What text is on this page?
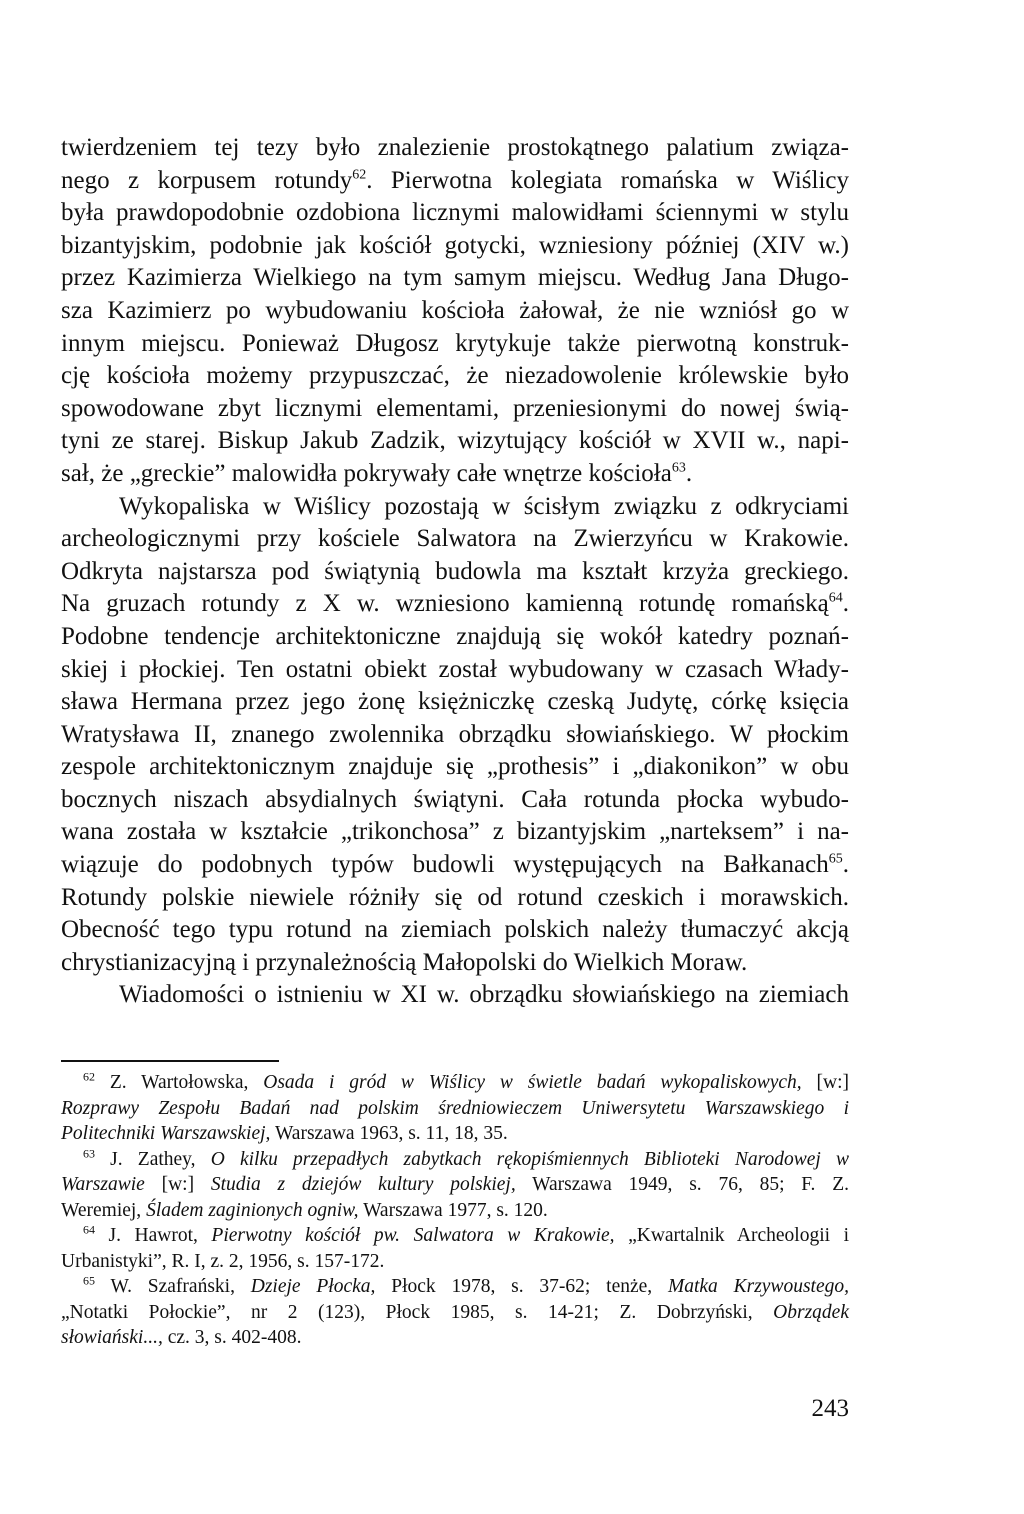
twierdzeniem tej tezy było znalezienie prostokątnego palatium związa-
nego z korpusem rotundy$^{62}$. Pierwotna kolegiata romańska w Wiślicy
była prawdopodobnie ozdobiona licznymi malowidłami ściennymi w stylu
bizantyjskim, podobnie jak kościół gotycki, wzniesiony później (XIV w.)
przez Kazimierza Wielkiego na tym samym miejscu. Według Jana Długo-
sza Kazimierz po wybudowaniu kościoła żałował, że nie wzniósł go w
innym miejscu. Ponieważ Długosz krytykuje także pierwotną konstruk-
cję kościoła możemy przypuszczać, że niezadowolenie królewskie było
spowodowane zbyt licznymi elementami, przeniesionymi do nowej świą-
tyni ze starej. Biskup Jakub Zadzik, wizytujący kościół w XVII w., napi-
sał, że „greckie” malowidła pokrywały całe wnętrze kościoła$^{63}$.
Wykopaliska w Wiślicy pozostają w ścisłym związku z odkryciami
archeologicznymi przy kościele Salwatora na Zwierzyńcu w Krakowie.
Odkryta najstarsza pod świątynią budowla ma kształt krzyża greckiego.
Na gruzach rotundy z X w. wzniesiono kamienną rotundę romańską$^{64}$.
Podobne tendencje architektoniczne znajdują się wokół katedry poznań-
skiej i płockiej. Ten ostatni obiekt został wybudowany w czasach Włady-
sława Hermana przez jego żonę księżniczkę czeską Judytę, córkę księcia
Wratysława II, znanego zwolennika obrządku słowiańskiego. W płockim
zespole architektonicznym znajduje się „prothesis” i „diakonikon” w obu
bocznych niszach absydialnych świątyni. Cała rotunda płocka wybudo-
wana została w kształcie „trikonchosa” z bizantyjskim „narteksem” i na-
wiązuje do podobnych typów budowli występujących na Bałkanach$^{65}$.
Rotundy polskie niewiele różniły się od rotund czeskich i morawskich.
Obecność tego typu rotund na ziemiach polskich należy tłumaczyć akcją
chrystianizacyjną i przynależnością Małopolski do Wielkich Moraw.
Wiadomości o istnieniu w XI w. obrządku słowiańskiego na ziemiach
$^{62}$ Z. Wartołowska, Osada i gród w Wiślicy w świetle badań wykopaliskowych, [w:]
Rozprawy Zespołu Badań nad polskim średniowieczem Uniwersytetu Warszawskiego i
Politechniki Warszawskiej, Warszawa 1963, s. 11, 18, 35.
$^{63}$ J. Zathey, O kilku przepadłych zabytkach rękopiśmiennych Biblioteki Narodowej w
Warszawie [w:] Studia z dziejów kultury polskiej, Warszawa 1949, s. 76, 85; F. Z.
Weremiej, Śladem zaginionych ogniw, Warszawa 1977, s. 120.
$^{64}$ J. Hawrot, Pierwotny kościół pw. Salwatora w Krakowie, „Kwartalnik Archeologii i
Urbanistyki”, R. I, z. 2, 1956, s. 157-172.
$^{65}$ W. Szafrański, Dzieje Płocka, Płock 1978, s. 37-62; tenże, Matka Krzywoustego,
„Notatki Połockie”, nr 2 (123), Płock 1985, s. 14-21; Z. Dobrzyński, Obrządek
słowiański..., cz. 3, s. 402-408.
243
